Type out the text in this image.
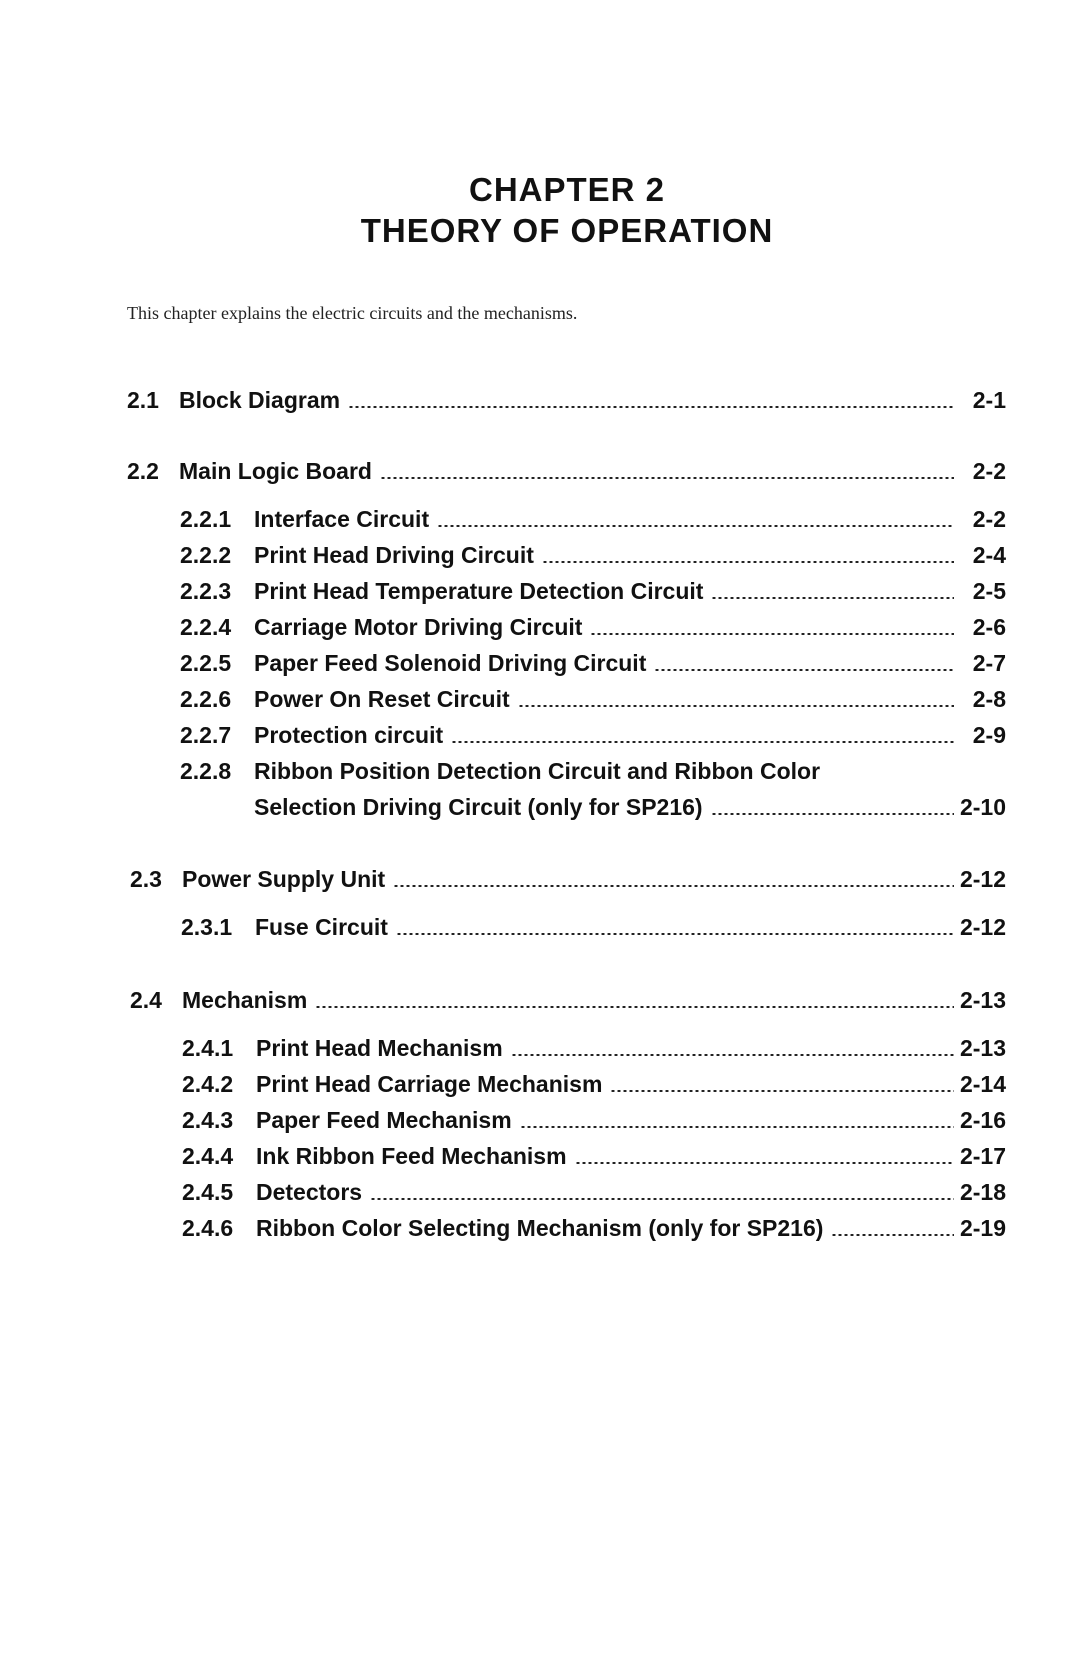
CHAPTER 2
THEORY OF OPERATION
This chapter explains the electric circuits and the mechanisms.
2.1 Block Diagram	2-1
2.2 Main Logic Board	2-2
2.2.1 Interface Circuit	2-2
2.2.2 Print Head Driving Circuit	2-4
2.2.3 Print Head Temperature Detection Circuit	2-5
2.2.4 Carriage Motor Driving Circuit	2-6
2.2.5 Paper Feed Solenoid Driving Circuit	2-7
2.2.6 Power On Reset Circuit	2-8
2.2.7 Protection circuit	2-9
2.2.8 Ribbon Position Detection Circuit and Ribbon Color
Selection Driving Circuit (only for SP216)	2-10
2.3 Power Supply Unit	2-12
2.3.1 Fuse Circuit	2-12
2.4 Mechanism	2-13
2.4.1 Print Head Mechanism	2-13
2.4.2 Print Head Carriage Mechanism	2-14
2.4.3 Paper Feed Mechanism	2-16
2.4.4 Ink Ribbon Feed Mechanism	2-17
2.4.5 Detectors	2-18
2.4.6 Ribbon Color Selecting Mechanism (only for SP216)	2-19
